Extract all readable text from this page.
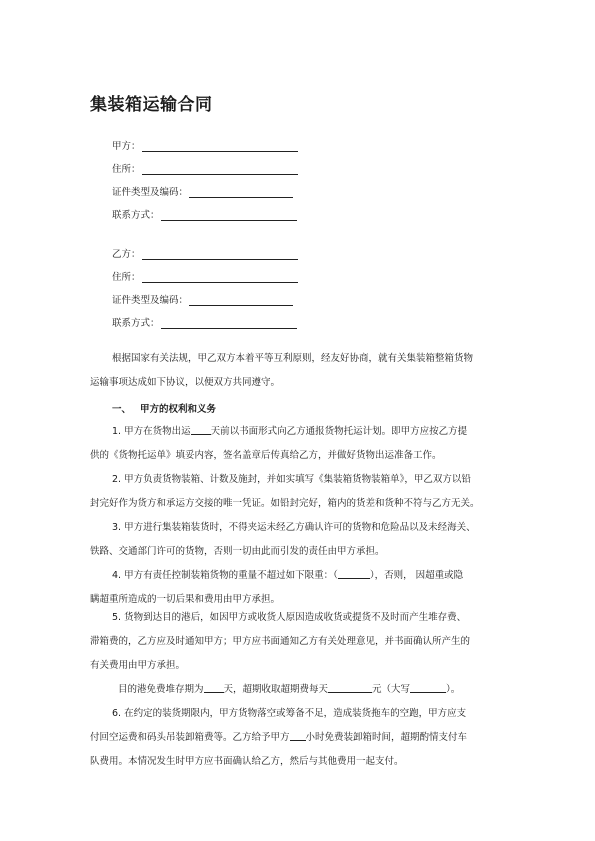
集装箱运输合同
甲方：
住所：
证件类型及编码：
联系方式：
乙方：
住所：
证件类型及编码：
联系方式：
根据国家有关法规，甲乙双方本着平等互利原则，经友好协商，就有关集装箱整箱货物
运输事项达成如下协议，以便双方共同遵守。
一、 甲方的权利和义务
1. 甲方在货物出运 天前以书面形式向乙方通报货物托运计划。即甲方应按乙方提
供的《货物托运单》填妥内容，签名盖章后传真给乙方，并做好货物出运准备工作。
2. 甲方负责货物装箱、计数及施封，并如实填写《集装箱货物装箱单》，甲乙双方以铅
封完好作为货方和承运方交接的唯一凭证。如铅封完好，箱内的货差和货种不符与乙方无关。
3. 甲方进行集装箱装货时，不得夹运未经乙方确认许可的货物和危险品以及未经海关、
铁路、交通部门许可的货物，否则一切由此而引发的责任由甲方承担。
4. 甲方有责任控制装箱货物的重量不超过如下限重：（	），否则， 因超重或隐
瞒超重所造成的一切后果和费用由甲方承担。
5. 货物到达目的港后，如因甲方或收货人原因造成收货或提货不及时而产生堆存费、
滞箱费的，乙方应及时通知甲方；甲方应书面通知乙方有关处理意见，并书面确认所产生的
有关费用由甲方承担。
目的港免费堆存期为 天，超期收取超期费每天	元（大写	）。
6. 在约定的装货期限内，甲方货物落空或筹备不足，造成装货拖车的空跑，甲方应支
付回空运费和码头吊装卸箱费等。乙方给予甲方 小时免费装卸箱时间，超期酌情支付车
队费用。本情况发生时甲方应书面确认给乙方，然后与其他费用一起支付。
